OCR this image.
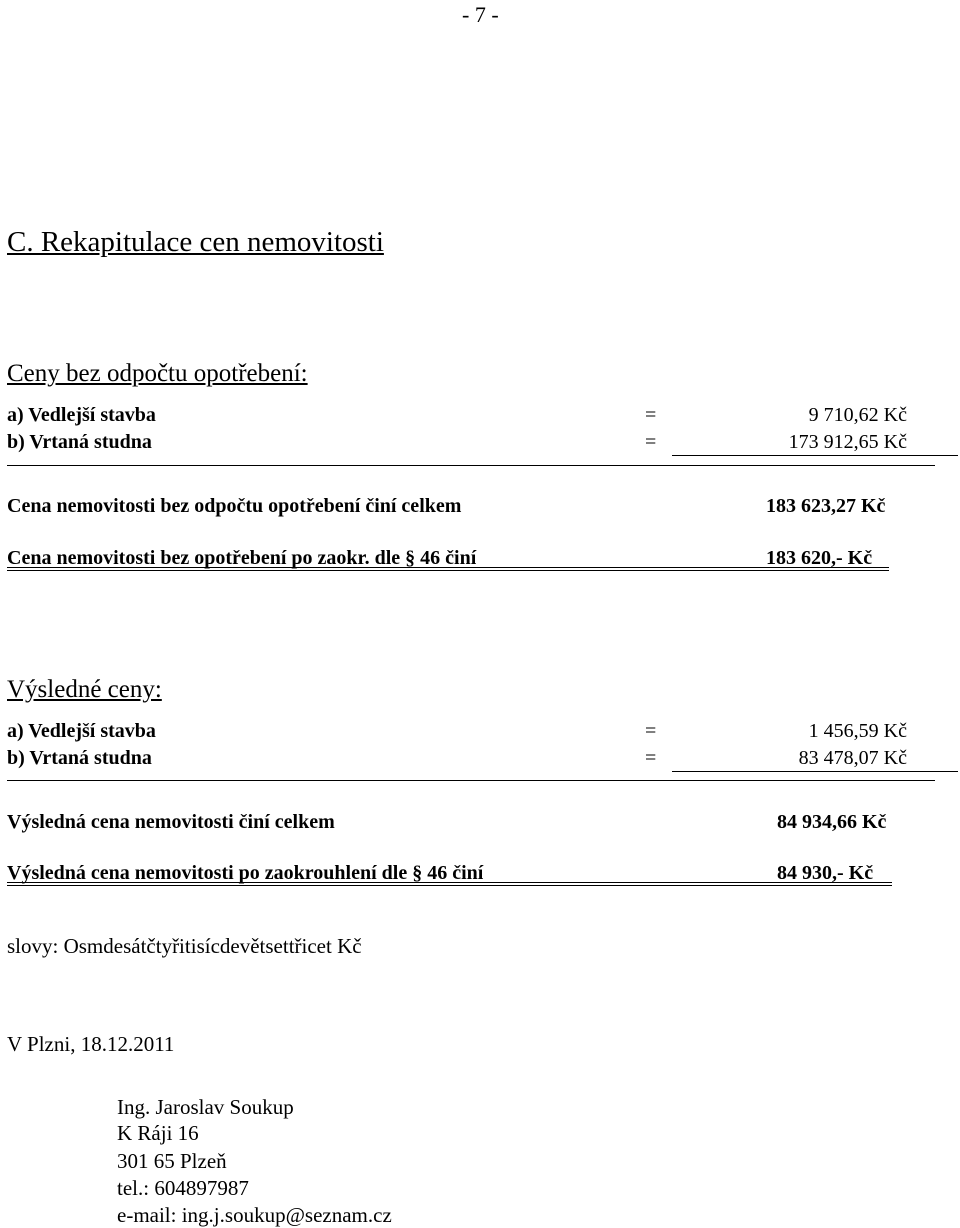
- 7 -
C. Rekapitulace cen nemovitosti
Ceny bez odpočtu opotřebení:
a) Vedlejší stavba	=	9 710,62 Kč
b) Vrtaná studna	=	173 912,65 Kč
Cena nemovitosti bez odpočtu opotřebení činí celkem	183 623,27 Kč
Cena nemovitosti bez opotřebení po zaokr. dle § 46 činí	183 620,- Kč
Výsledné ceny:
a) Vedlejší stavba	=	1 456,59 Kč
b) Vrtaná studna	=	83 478,07 Kč
Výsledná cena nemovitosti činí celkem	84 934,66 Kč
Výsledná cena nemovitosti po zaokrouhlení dle § 46 činí	84 930,- Kč
slovy: Osmdesátčtyřitisícdevětsettřicet Kč
V Plzni, 18.12.2011
Ing. Jaroslav Soukup
K Ráji 16
301 65 Plzeň
tel.: 604897987
e-mail: ing.j.soukup@seznam.cz
